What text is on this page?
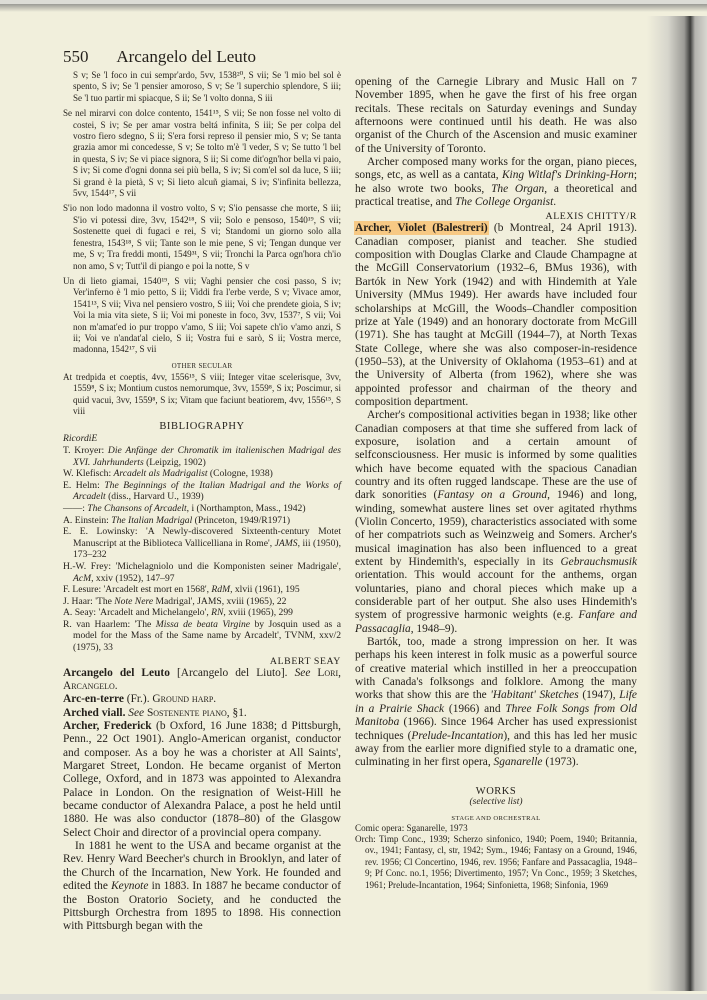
550 Arcangelo del Leuto

S v; Se 'l foco in cui sempr'ardo, 5vv, 1538²⁰, S vii; Se 'l mio bel sol è spento, S iv; Se 'l pensier amoroso, S v; Se 'l superchio splendore, S iii; Se 'l tuo partir mi spiacque, S ii; Se 'l volto donna, S iii

Se nel mirarvi con dolce contento, 1541¹⁵, S vii; Se non fosse nel volto di costei, S iv; Se per amar vostra beltá infinita, S iii; Se per colpa del vostro fiero sdegno, S ii; S'era forsi represo il pensier mio, S v; Se tanta grazia amor mi concedesse, S v; Se tolto m'è 'l veder, S v; Se tutto 'l bel in questa, S iv; Se vi piace signora, S ii; Si come dit'ogn'hor bella vi paio, S iv; Si come d'ogni donna sei più bella, S iv; Si com'el sol da luce, S iii; Si grand è la pietà, S v; Si lieto alcuñ giamai, S iv; S'infinita bellezza, 5vv, 1544¹⁷, S vii

S'io non lodo madonna il vostro volto, S v; S'io pensasse che morte, S iii; S'io vi potessi dire, 3vv, 1542¹⁸, S vii; Solo e pensoso, 1540¹⁹, S vii; Sostenette quei di fugaci e rei, S vi; Standomi un giorno solo alla fenestra, 1543¹⁸, S vii; Tante son le mie pene, S vi; Tengan dunque ver me, S v; Tra freddi monti, 1549³¹, S vii; Tronchi la Parca ogn'hora ch'io non amo, S v; Tutt'il di piango e poi la notte, S v

Un di lieto giamai, 1540¹⁹, S vii; Vaghi pensier che cosi passo, S iv; Ver'inferno è 'l mio petto, S ii; Viddi fra l'erbe verde, S v; Vivace amor, 1541¹³, S vii; Viva nel pensiero vostro, S iii; Voi che prendete gioia, S iv; Voi la mia vita siete, S ii; Voi mi poneste in foco, 3vv, 1537⁷, S vii; Voi non m'amat'ed io pur troppo v'amo, S iii; Voi sapete ch'io v'amo anzi, S ii; Voi ve n'andat'al cielo, S ii; Vostra fui e sarò, S ii; Vostra merce, madonna, 1542¹⁷, S vii

OTHER SECULAR

At tredpida et coeptis, 4vv, 1556¹⁵, S viii; Integer vitae scelerisque, 3vv, 1559⁸, S ix; Montium custos nemorumque, 3vv, 1559⁸, S ix; Poscimur, si quid vacui, 3vv, 1559⁸, S ix; Vitam que faciunt beatiorem, 4vv, 1556¹⁵, S viii

BIBLIOGRAPHY

RicordiE

T. Kroyer: Die Anfänge der Chromatik im italienischen Madrigal des XVI. Jahrhunderts (Leipzig, 1902)

W. Klefisch: Arcadelt als Madrigalist (Cologne, 1938)

E. Helm: The Beginnings of the Italian Madrigal and the Works of Arcadelt (diss., Harvard U., 1939)

——: The Chansons of Arcadelt, i (Northampton, Mass., 1942)

A. Einstein: The Italian Madrigal (Princeton, 1949/R1971)

E. E. Lowinsky: 'A Newly-discovered Sixteenth-century Motet Manuscript at the Biblioteca Vallicelliana in Rome', JAMS, iii (1950), 173–232

H.-W. Frey: 'Michelagniolo und die Komponisten seiner Madrigale', AcM, xxiv (1952), 147–97

F. Lesure: 'Arcadelt est mort en 1568', RdM, xlvii (1961), 195

J. Haar: 'The Note Nere Madrigal', JAMS, xviii (1965), 22

A. Seay: 'Arcadelt and Michelangelo', RN, xviii (1965), 299

R. van Haarlem: 'The Missa de beata Virgine by Josquin used as a model for the Mass of the Same name by Arcadelt', TVNM, xxv/2 (1975), 33

ALBERT SEAY

Arcangelo del Leuto [Arcangelo del Liuto]. See Lori, Arcangelo.

Arc-en-terre (Fr.). Ground harp.

Arched viall. See Sostenente piano, §1.

Archer, Frederick (b Oxford, 16 June 1838; d Pittsburgh, Penn., 22 Oct 1901). Anglo-American organist, conductor and composer. As a boy he was a chorister at All Saints', Margaret Street, London. He became organist of Merton College, Oxford, and in 1873 was appointed to Alexandra Palace in London. On the resignation of Weist-Hill he became conductor of Alexandra Palace, a post he held until 1880. He was also conductor (1878–80) of the Glasgow Select Choir and director of a provincial opera company.

In 1881 he went to the USA and became organist at the Rev. Henry Ward Beecher's church in Brooklyn, and later of the Church of the Incarnation, New York. He founded and edited the Keynote in 1883. In 1887 he became conductor of the Boston Oratorio Society, and he conducted the Pittsburgh Orchestra from 1895 to 1898. His connection with Pittsburgh began with the

opening of the Carnegie Library and Music Hall on 7 November 1895, when he gave the first of his free organ recitals. These recitals on Saturday evenings and Sunday afternoons were continued until his death. He was also organist of the Church of the Ascension and music examiner of the University of Toronto.

Archer composed many works for the organ, piano pieces, songs, etc, as well as a cantata, King Witlaf's Drinking-Horn; he also wrote two books, The Organ, a theoretical and practical treatise, and The College Organist.

ALEXIS CHITTY/R

Archer, Violet (Balestreri) (b Montreal, 24 April 1913). Canadian composer, pianist and teacher. She studied composition with Douglas Clarke and Claude Champagne at the McGill Conservatorium (1932–6, BMus 1936), with Bartók in New York (1942) and with Hindemith at Yale University (MMus 1949). Her awards have included four scholarships at McGill, the Woods–Chandler composition prize at Yale (1949) and an honorary doctorate from McGill (1971). She has taught at McGill (1944–7), at North Texas State College, where she was also composer-in-residence (1950–53), at the University of Oklahoma (1953–61) and at the University of Alberta (from 1962), where she was appointed professor and chairman of the theory and composition department.

Archer's compositional activities began in 1938; like other Canadian composers at that time she suffered from lack of exposure, isolation and a certain amount of selfconsciousness. Her music is informed by some qualities which have become equated with the spacious Canadian country and its often rugged landscape. These are the use of dark sonorities (Fantasy on a Ground, 1946) and long, winding, somewhat austere lines set over agitated rhythms (Violin Concerto, 1959), characteristics associated with some of her compatriots such as Weinzweig and Somers. Archer's musical imagination has also been influenced to a great extent by Hindemith's, especially in its Gebrauchsmusik orientation. This would account for the anthems, organ voluntaries, piano and choral pieces which make up a considerable part of her output. She also uses Hindemith's system of progressive harmonic weights (e.g. Fanfare and Passacaglia, 1948–9).

Bartók, too, made a strong impression on her. It was perhaps his keen interest in folk music as a powerful source of creative material which instilled in her a preoccupation with Canada's folksongs and folklore. Among the many works that show this are the 'Habitant' Sketches (1947), Life in a Prairie Shack (1966) and Three Folk Songs from Old Manitoba (1966). Since 1964 Archer has used expressionist techniques (Prelude-Incantation), and this has led her music away from the earlier more dignified style to a dramatic one, culminating in her first opera, Sganarelle (1973).

WORKS
(selective list)
STAGE AND ORCHESTRAL

Comic opera: Sganarelle, 1973

Orch: Timp Conc., 1939; Scherzo sinfonico, 1940; Poem, 1940; Britannia, ov., 1941; Fantasy, cl, str, 1942; Sym., 1946; Fantasy on a Ground, 1946, rev. 1956; Cl Concertino, 1946, rev. 1956; Fanfare and Passacaglia, 1948–9; Pf Conc. no.1, 1956; Divertimento, 1957; Vn Conc., 1959; 3 Sketches, 1961; Prelude-Incantation, 1964; Sinfonietta, 1968; Sinfonia, 1969
